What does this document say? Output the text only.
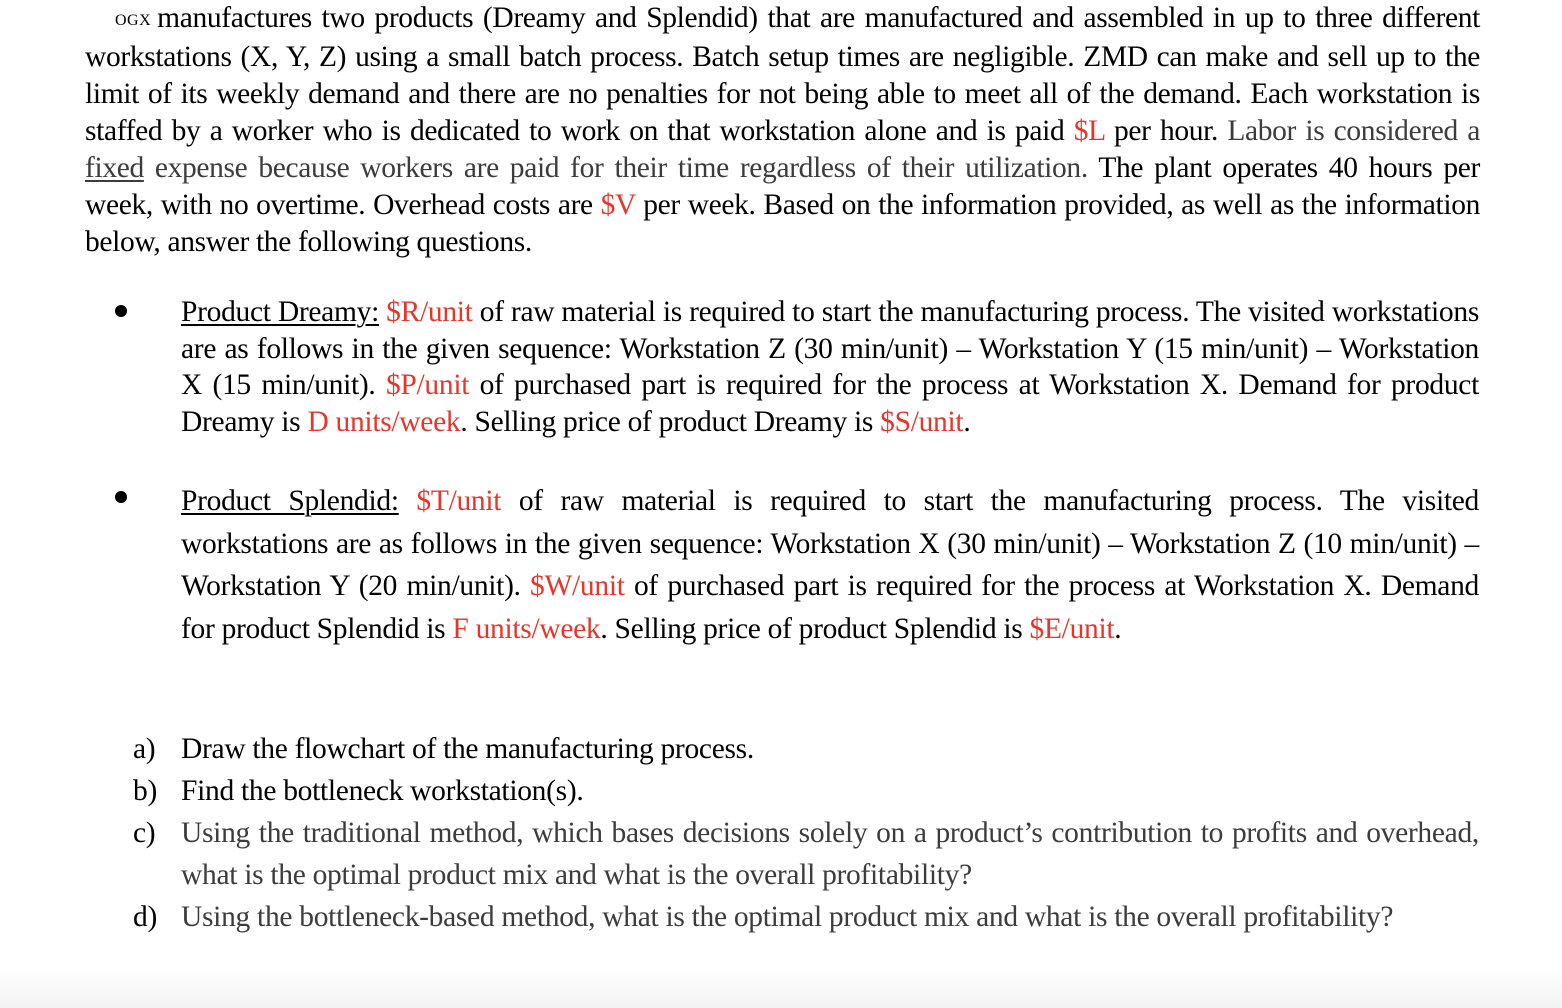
OGX manufactures two products (Dreamy and Splendid) that are manufactured and assembled in up to three different workstations (X, Y, Z) using a small batch process. Batch setup times are negligible. ZMD can make and sell up to the limit of its weekly demand and there are no penalties for not being able to meet all of the demand. Each workstation is staffed by a worker who is dedicated to work on that workstation alone and is paid $L per hour. Labor is considered a fixed expense because workers are paid for their time regardless of their utilization. The plant operates 40 hours per week, with no overtime. Overhead costs are $V per week. Based on the information provided, as well as the information below, answer the following questions.

Product Dreamy: $R/unit of raw material is required to start the manufacturing process. The visited workstations are as follows in the given sequence: Workstation Z (30 min/unit) – Workstation Y (15 min/unit) – Workstation X (15 min/unit). $P/unit of purchased part is required for the process at Workstation X. Demand for product Dreamy is D units/week. Selling price of product Dreamy is $S/unit.
Product Splendid: $T/unit of raw material is required to start the manufacturing process. The visited workstations are as follows in the given sequence: Workstation X (30 min/unit) – Workstation Z (10 min/unit) – Workstation Y (20 min/unit). $W/unit of purchased part is required for the process at Workstation X. Demand for product Splendid is F units/week. Selling price of product Splendid is $E/unit.
a) Draw the flowchart of the manufacturing process.
b) Find the bottleneck workstation(s).
c) Using the traditional method, which bases decisions solely on a product’s contribution to profits and overhead, what is the optimal product mix and what is the overall profitability?
d) Using the bottleneck-based method, what is the optimal product mix and what is the overall profitability?
